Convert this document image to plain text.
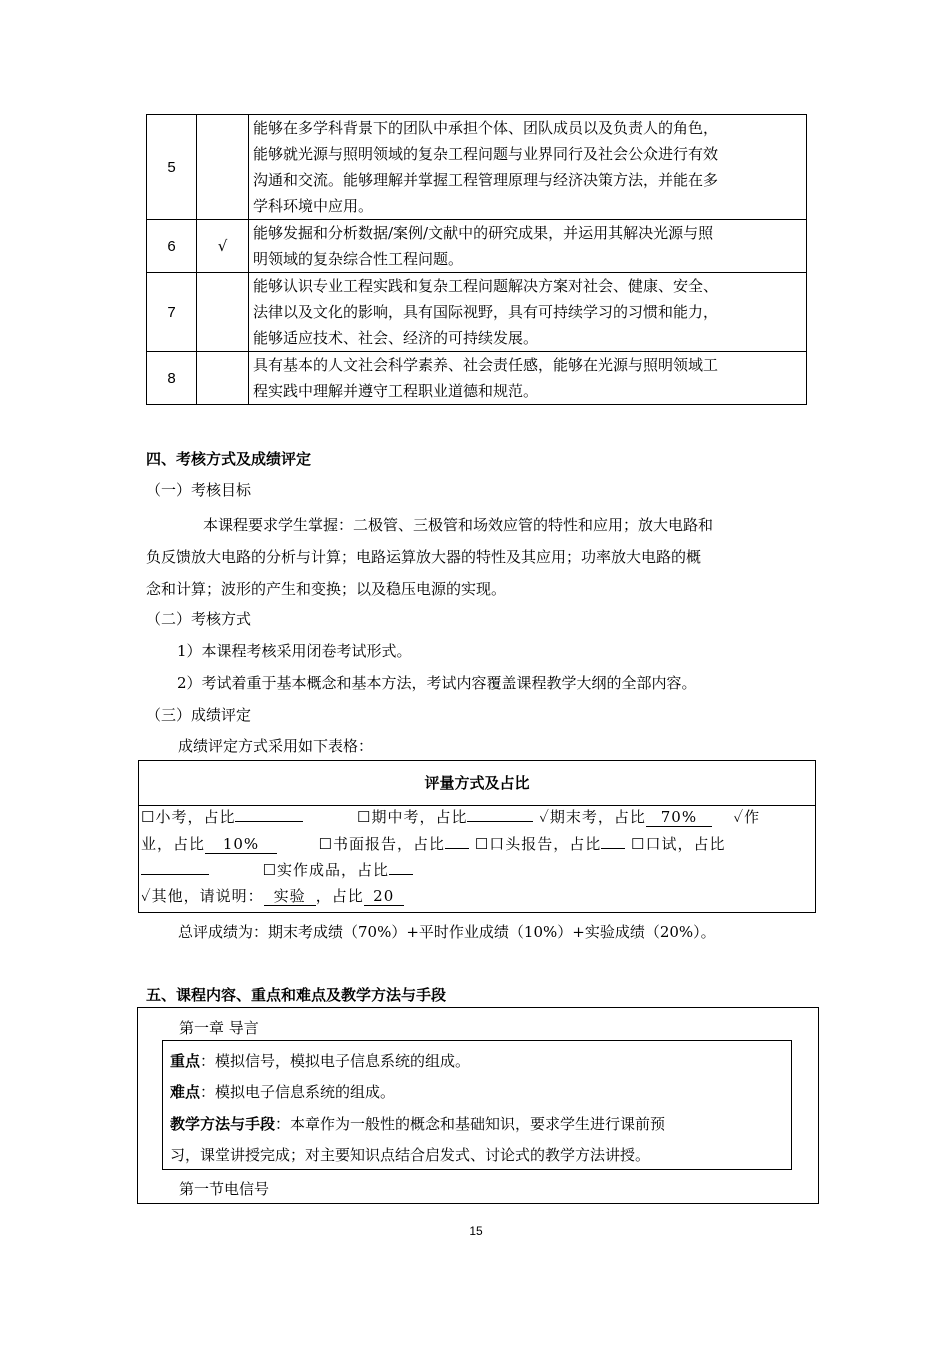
5		能够在多学科背景下的团队中承担个体、团队成员以及负责人的角色，
能够就光源与照明领域的复杂工程问题与业界同行及社会公众进行有效
沟通和交流。能够理解并掌握工程管理原理与经济决策方法，并能在多
学科环境中应用。

6	√	能够发掘和分析数据/案例/文献中的研究成果，并运用其解决光源与照
明领域的复杂综合性工程问题。

7		能够认识专业工程实践和复杂工程问题解决方案对社会、健康、安全、
法律以及文化的影响，具有国际视野，具有可持续学习的习惯和能力，
能够适应技术、社会、经济的可持续发展。

8		具有基本的人文社会科学素养、社会责任感，能够在光源与照明领域工
程实践中理解并遵守工程职业道德和规范。
四、考核方式及成绩评定
（一）考核目标
本课程要求学生掌握：二极管、三极管和场效应管的特性和应用；放大电路和
负反馈放大电路的分析与计算；电路运算放大器的特性及其应用；功率放大电路的概
念和计算；波形的产生和变换；以及稳压电源的实现。
（二）考核方式
1）本课程考核采用闭卷考试形式。
2）考试着重于基本概念和基本方法，考试内容覆盖课程教学大纲的全部内容。
（三）成绩评定
成绩评定方式采用如下表格：
评量方式及占比
☐小考，占比	☐期中考，占比	✓期末考，占比 70% ✓作
业，占比 10%	☐书面报告，占比 ☐口头报告，占比 ☐口试，占比
☐实作成品，占比
✓其他，请说明： 实验 ，占比 20
总评成绩为：期末考成绩（70%）+平时作业成绩（10%）+实验成绩（20%）。
五、课程内容、重点和难点及教学方法与手段
第一章 导言
重点：模拟信号，模拟电子信息系统的组成。
难点：模拟电子信息系统的组成。
教学方法与手段：本章作为一般性的概念和基础知识，要求学生进行课前预
习，课堂讲授完成；对主要知识点结合启发式、讨论式的教学方法讲授。
第一节电信号
15
